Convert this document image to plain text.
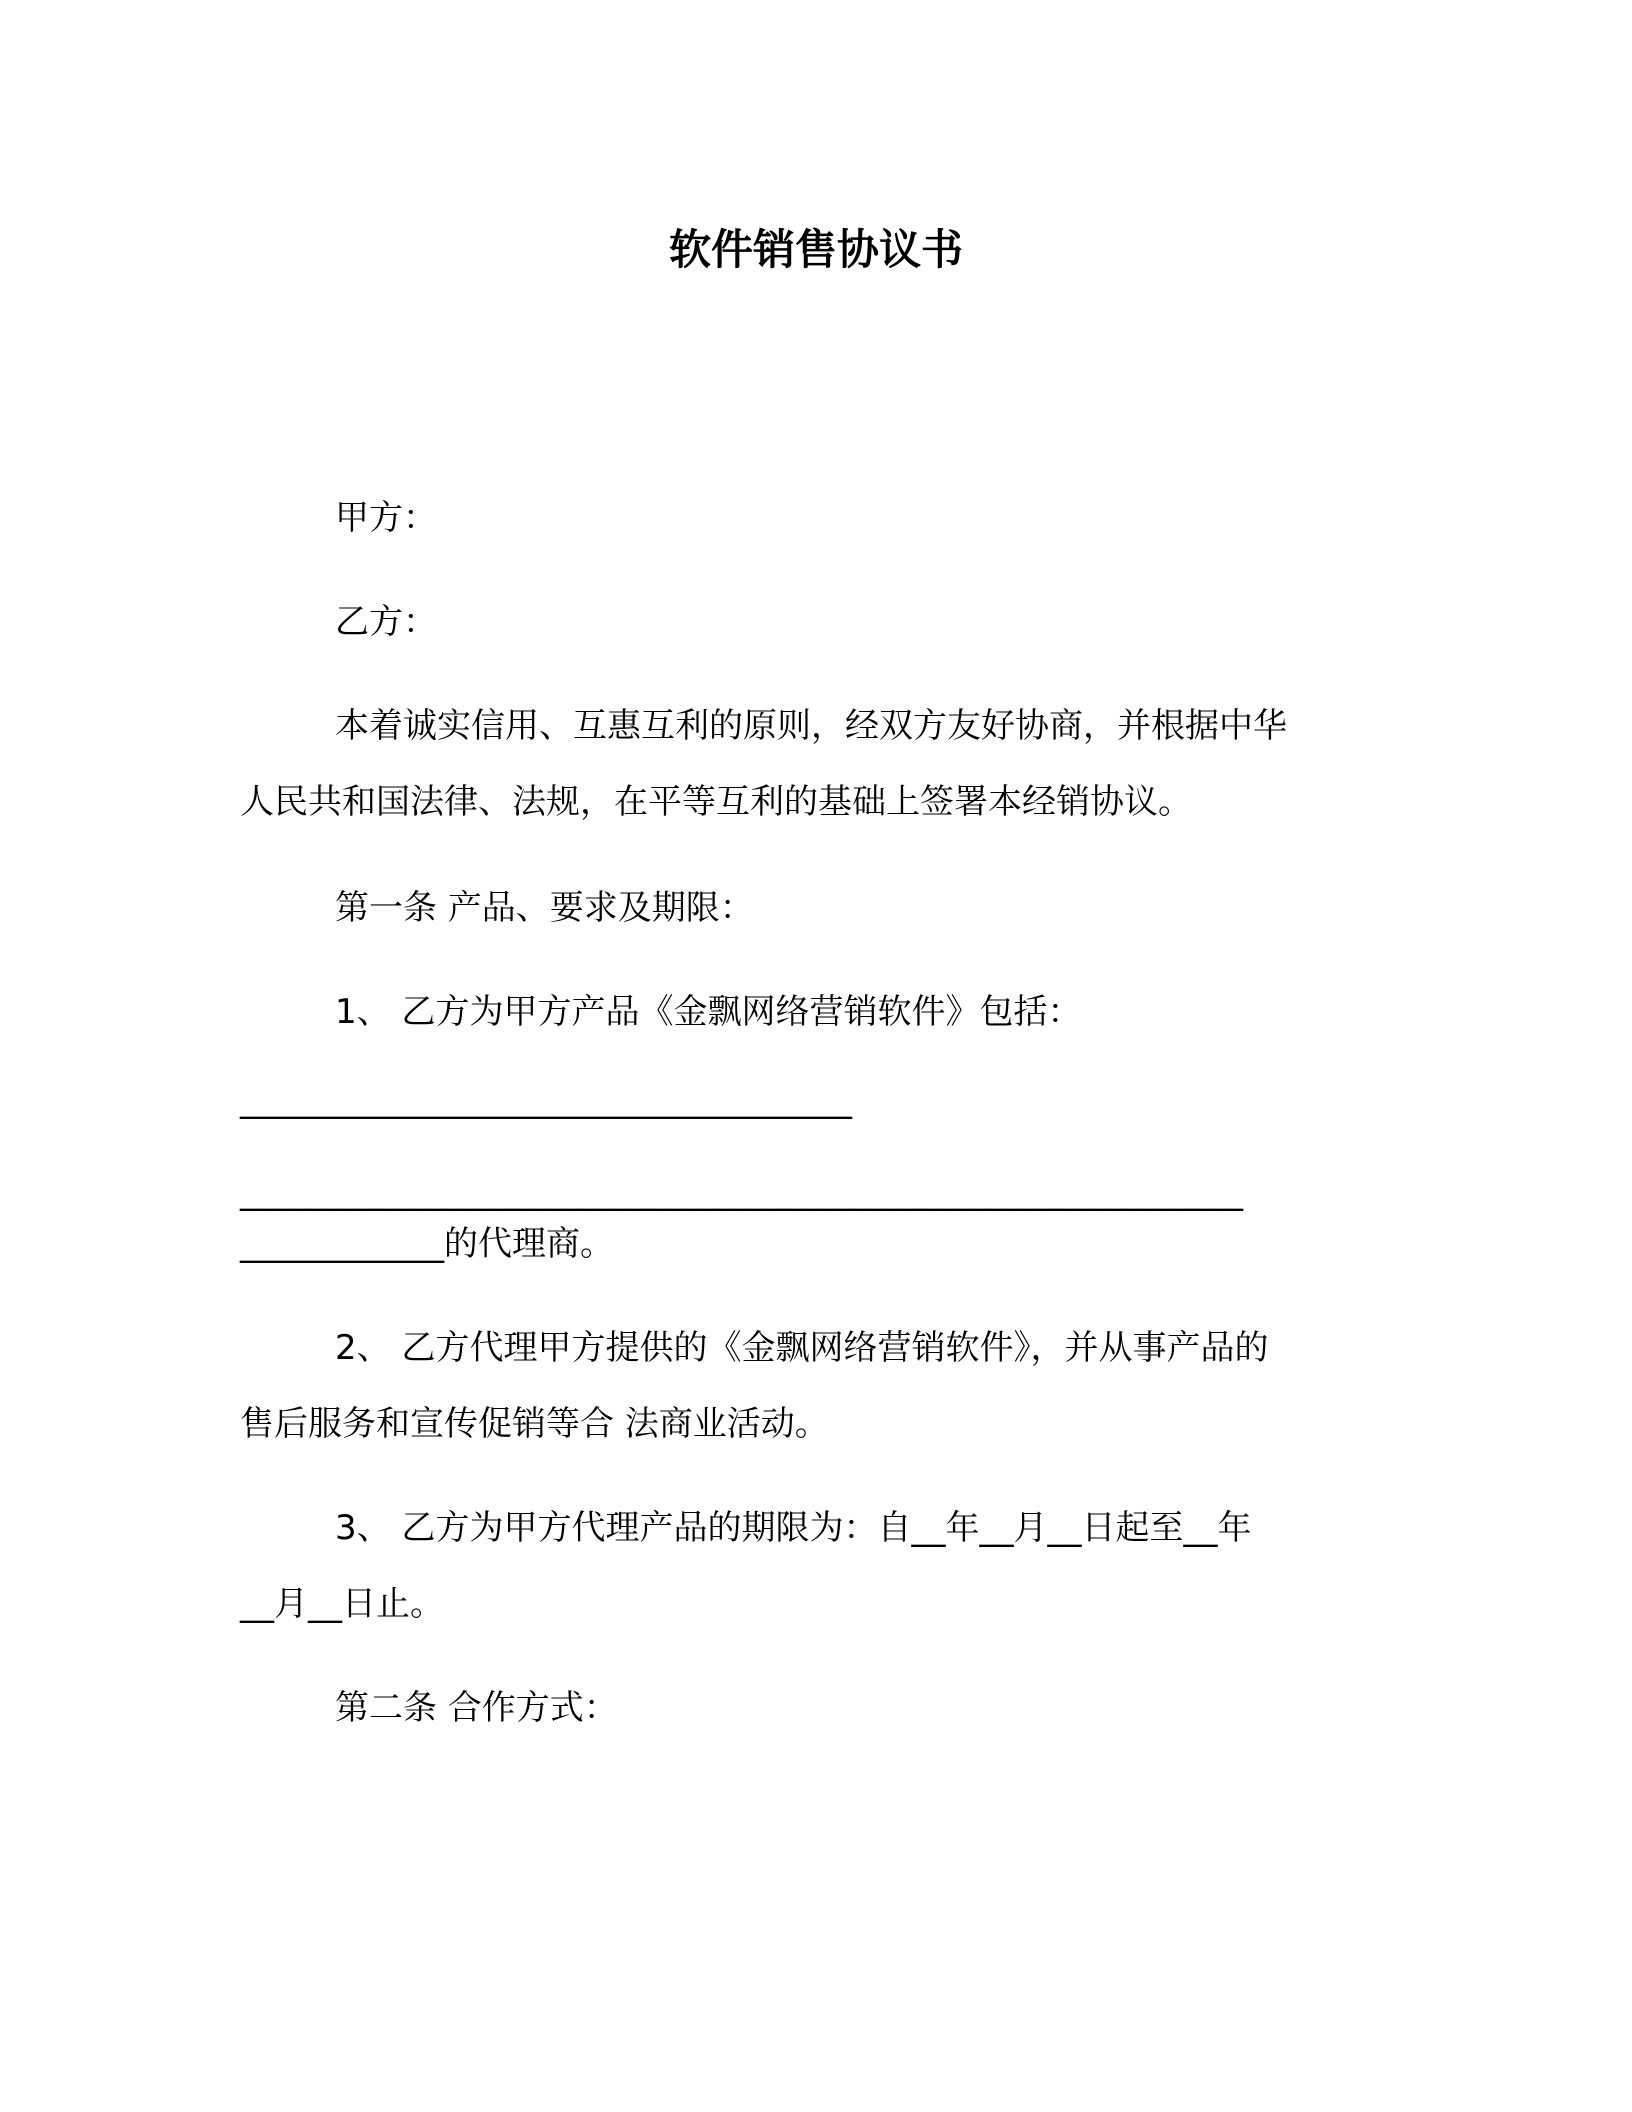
软件销售协议书
甲方：
乙方：
本着诚实信用、互惠互利的原则，经双方友好协商，并根据中华
人民共和国法律、法规，在平等互利的基础上签署本经销协议。
第一条 产品、要求及期限：
1、 乙方为甲方产品《金飘网络营销软件》包括：
____________________________________
___________________________________________________________
____________的代理商。
2、 乙方代理甲方提供的《金飘网络营销软件》，并从事产品的
售后服务和宣传促销等合 法商业活动。
3、 乙方为甲方代理产品的期限为：自__年__月__日起至__年
__月__日止。
第二条 合作方式：
